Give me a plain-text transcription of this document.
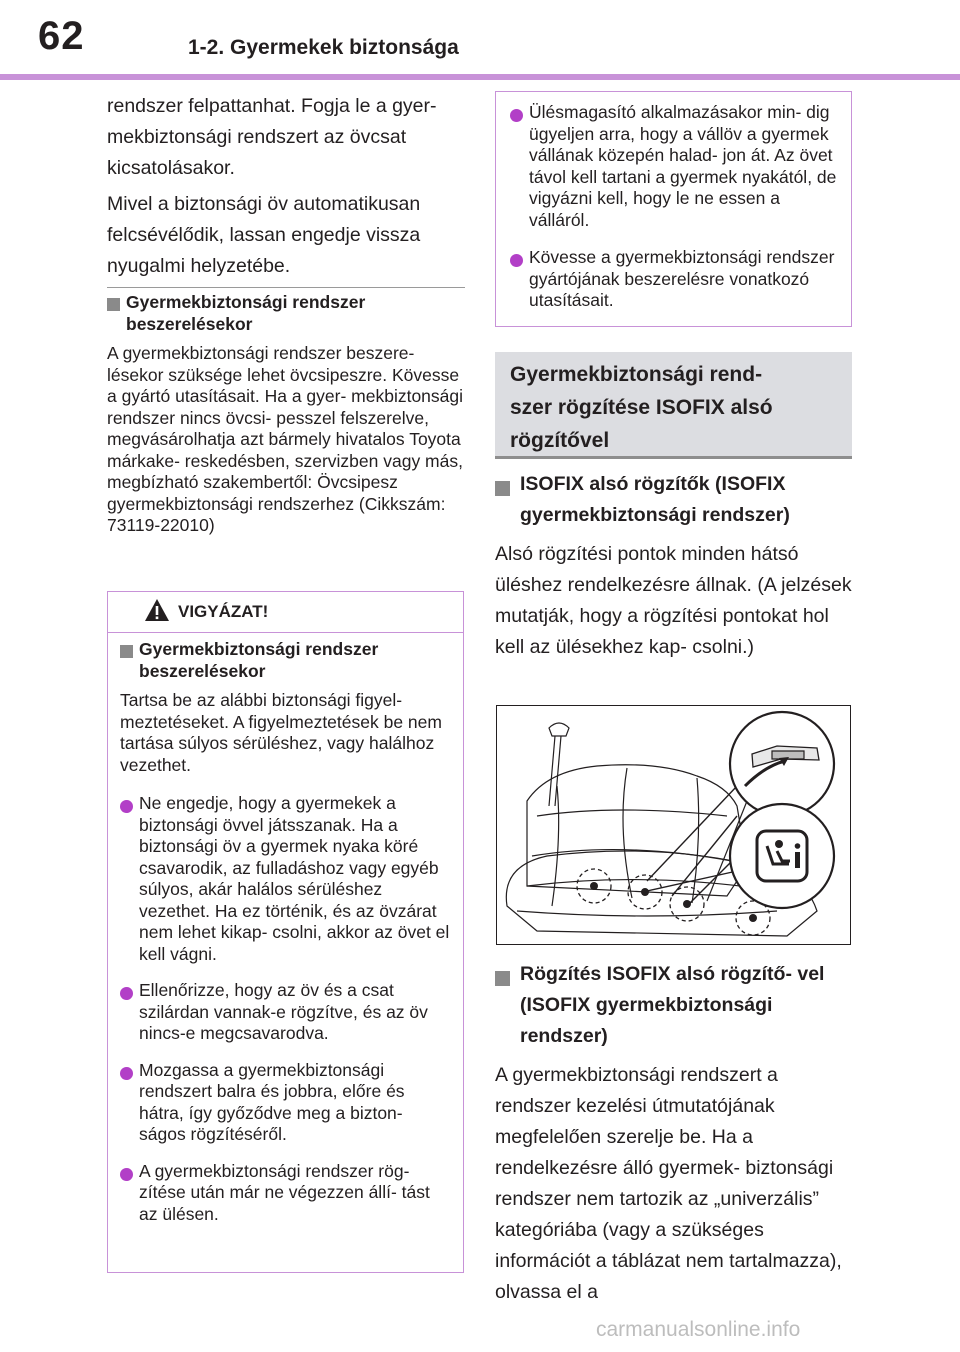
62	1-2. Gyermekek biztonsága

rendszer felpattanhat. Fogja le a gyer- mekbiztonsági rendszert az övcsat kicsatolásakor.

Mivel a biztonsági öv automatikusan felcsévélődik, lassan engedje vissza nyugalmi helyzetébe.

Gyermekbiztonsági rendszer beszerelésekor

A gyermekbiztonsági rendszer beszere- lésekor szüksége lehet övcsipeszre. Kövesse a gyártó utasításait. Ha a gyer- mekbiztonsági rendszer nincs övcsi- pesszel felszerelve, megvásárolhatja azt bármely hivatalos Toyota márkake- reskedésben, szervizben vagy más, megbízható szakembertől: Övcsipesz gyermekbiztonsági rendszerhez (Cikkszám: 73119-22010)

VIGYÁZAT!
Gyermekbiztonsági rendszer beszerelésekor

Tartsa be az alábbi biztonsági figyel- meztetéseket. A figyelmeztetések be nem tartása súlyos sérüléshez, vagy halálhoz vezethet.

Ne engedje, hogy a gyermekek a biztonsági övvel játsszanak. Ha a biztonsági öv a gyermek nyaka köré csavarodik, az fulladáshoz vagy egyéb súlyos, akár halálos sérüléshez vezethet. Ha ez történik, és az övzárat nem lehet kikap- csolni, akkor az övet el kell vágni.
Ellenőrizze, hogy az öv és a csat szilárdan vannak-e rögzítve, és az öv nincs-e megcsavarodva.
Mozgassa a gyermekbiztonsági rendszert balra és jobbra, előre és hátra, így győződve meg a bizton- ságos rögzítéséről.
A gyermekbiztonsági rendszer rög- zítése után már ne végezzen állí- tást az ülésen.
Ülésmagasító alkalmazásakor min- dig ügyeljen arra, hogy a vállöv a gyermek vállának közepén halad- jon át. Az övet távol kell tartani a gyermek nyakától, de vigyázni kell, hogy le ne essen a válláról.
Kövesse a gyermekbiztonsági rendszer gyártójának beszerelésre vonatkozó utasításait.
Gyermekbiztonsági rend-
szer rögzítése ISOFIX alsó
rögzítővel
ISOFIX alsó rögzítők (ISOFIX gyermekbiztonsági rendszer)

Alsó rögzítési pontok minden hátsó üléshez rendelkezésre állnak. (A jelzések mutatják, hogy a rögzítési pontokat hol kell az ülésekhez kap- csolni.)

Rögzítés ISOFIX alsó rögzítő- vel (ISOFIX gyermekbiztonsági rendszer)

A gyermekbiztonsági rendszert a rendszer kezelési útmutatójának megfelelően szerelje be. Ha a rendelkezésre álló gyermek- biztonsági rendszer nem tartozik az „univerzális” kategóriába (vagy a szükséges információt a táblázat nem tartalmazza), olvassa el a

carmanualsonline.info
